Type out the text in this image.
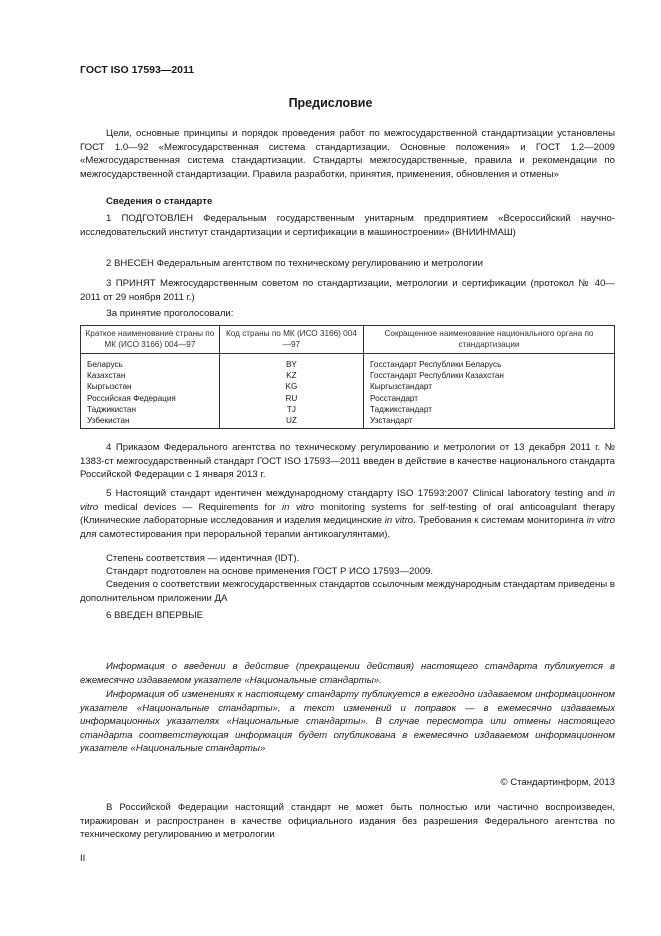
ГОСТ ISO 17593—2011
Предисловие

Цели, основные принципы и порядок проведения работ по межгосударственной стандартизации установлены ГОСТ 1.0—92 «Межгосударственная система стандартизации. Основные положения» и ГОСТ 1.2—2009 «Межгосударственная система стандартизации. Стандарты межгосударственные, правила и рекомендации по межгосударственной стандартизации. Правила разработки, принятия, применения, обновления и отмены»

Сведения о стандарте

1 ПОДГОТОВЛЕН Федеральным государственным унитарным предприятием «Всероссийский научно-исследовательский институт стандартизации и сертификации в машиностроении» (ВНИИНМАШ)

2 ВНЕСЕН Федеральным агентством по техническому регулированию и метрологии

3 ПРИНЯТ Межгосударственным советом по стандартизации, метрологии и сертификации (протокол № 40—2011 от 29 ноября 2011 г.)

За принятие проголосовали:

Краткое наименование страны по МК (ИСО 3166) 004—97	Код страны по МК (ИСО 3166) 004—97	Сокращенное наименование национального органа по стандартизации
Беларусь	BY	Госстандарт Республики Беларусь
Казахстан	KZ	Госстандарт Республики Казахстан
Кыргызстан	KG	Кыргызстандарт
Российская Федерация	RU	Росстандарт
Таджикистан	TJ	Таджикстандарт
Узбекистан	UZ	Узстандарт

4 Приказом Федерального агентства по техническому регулированию и метрологии от 13 декабря 2011 г. № 1383-ст межгосударственный стандарт ГОСТ ISO 17593—2011 введен в действие в качестве национального стандарта Российской Федерации с 1 января 2013 г.

5 Настоящий стандарт идентичен международному стандарту ISO 17593:2007 Clinical laboratory testing and in vitro medical devices — Requirements for in vitro monitoring systems for self-testing of oral anticoagulant therapy (Клинические лабораторные исследования и изделия медицинские in vitro. Требования к системам мониторинга in vitro для самотестирования при пероральной терапии антикоагулянтами).

Степень соответствия — идентичная (IDT).

Стандарт подготовлен на основе применения ГОСТ Р ИСО 17593—2009.

Сведения о соответствии межгосударственных стандартов ссылочным международным стандартам приведены в дополнительном приложении ДА

6 ВВЕДЕН ВПЕРВЫЕ

Информация о введении в действие (прекращении действия) настоящего стандарта публикуется в ежемесячно издаваемом указателе «Национальные стандарты».

Информация об изменениях к настоящему стандарту публикуется в ежегодно издаваемом информационном указателе «Национальные стандарты», а текст изменений и поправок — в ежемесячно издаваемых информационных указателях «Национальные стандарты». В случае пересмотра или отмены настоящего стандарта соответствующая информация будет опубликована в ежемесячно издаваемом информационном указателе «Национальные стандарты»

© Стандартинформ, 2013

В Российской Федерации настоящий стандарт не может быть полностью или частично воспроизведен, тиражирован и распространен в качестве официального издания без разрешения Федерального агентства по техническому регулированию и метрологии

II
